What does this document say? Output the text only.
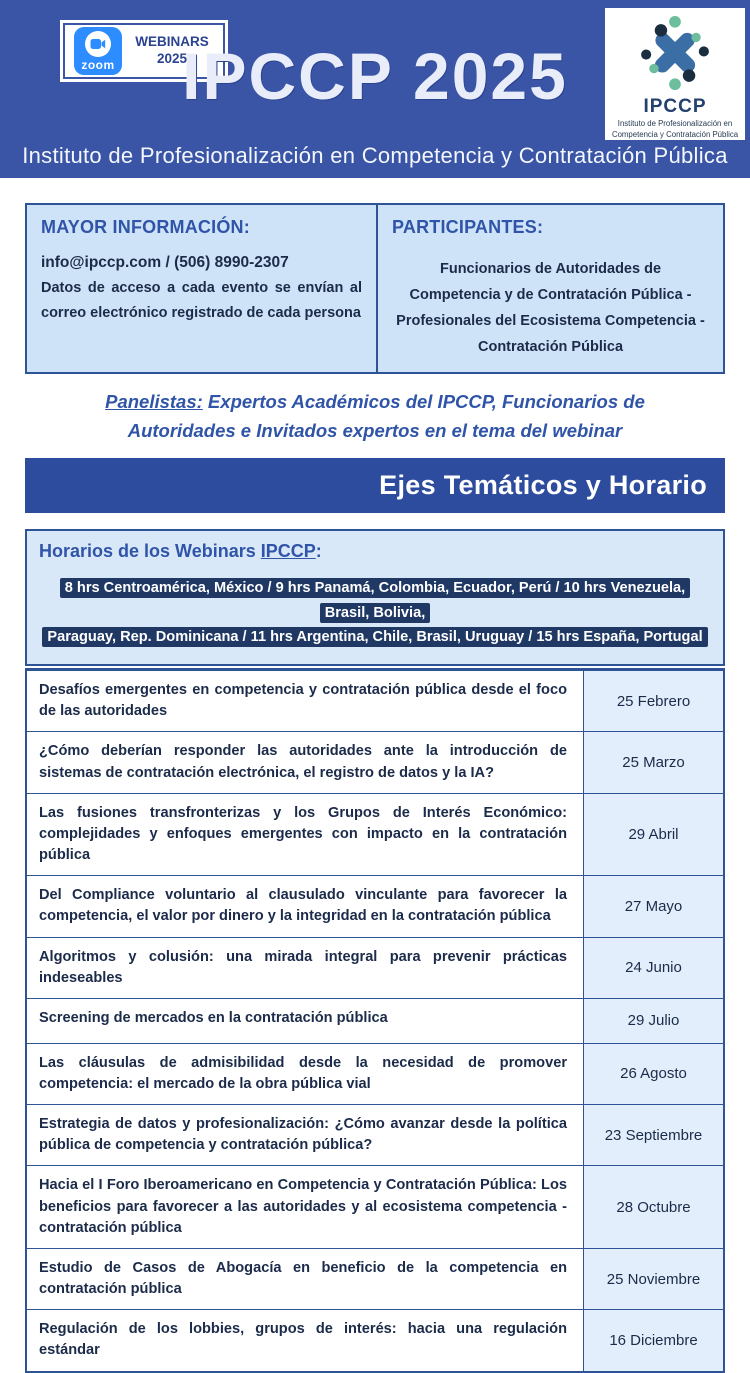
zoom
WEBINARS 2025
IPCCP 2025	IPCCP
Instituto de Profesionalización en Competencia y Contratación Pública
Instituto de Profesionalización en Competencia y Contratación Pública
MAYOR INFORMACIÓN:
info@ipccp.com / (506) 8990-2307
Datos de acceso a cada evento se envían al correo electrónico registrado de cada persona
PARTICIPANTES:
Funcionarios de Autoridades de Competencia y de Contratación Pública - Profesionales del Ecosistema Competencia - Contratación Pública
Panelistas: Expertos Académicos del IPCCP, Funcionarios de Autoridades e Invitados expertos en el tema del webinar
Ejes Temáticos y Horario
Horarios de los Webinars IPCCP:
8 hrs Centroamérica, México / 9 hrs Panamá, Colombia, Ecuador, Perú / 10 hrs Venezuela, Brasil, Bolivia,
Paraguay, Rep. Dominicana / 11 hrs Argentina, Chile, Brasil, Uruguay / 15 hrs España, Portugal
Desafíos emergentes en competencia y contratación pública desde el foco de las autoridades
25 Febrero
¿Cómo deberían responder las autoridades ante la introducción de sistemas de contratación electrónica, el registro de datos y la IA?
25 Marzo
Las fusiones transfronterizas y los Grupos de Interés Económico: complejidades y enfoques emergentes con impacto en la contratación pública
29 Abril
Del Compliance voluntario al clausulado vinculante para favorecer la competencia, el valor por dinero y la integridad en la contratación pública
27 Mayo
Algoritmos y colusión: una mirada integral para prevenir prácticas indeseables
24 Junio
Screening de mercados en la contratación pública	29 Julio
Las cláusulas de admisibilidad desde la necesidad de promover competencia: el mercado de la obra pública vial
26 Agosto
Estrategia de datos y profesionalización: ¿Cómo avanzar desde la política pública de competencia y contratación pública?
23 Septiembre
Hacia el I Foro Iberoamericano en Competencia y Contratación Pública: Los beneficios para favorecer a las autoridades y al ecosistema competencia - contratación pública
28 Octubre
Estudio de Casos de Abogacía en beneficio de la competencia en contratación pública
25 Noviembre
Regulación de los lobbies, grupos de interés: hacia una regulación estándar
16 Diciembre
